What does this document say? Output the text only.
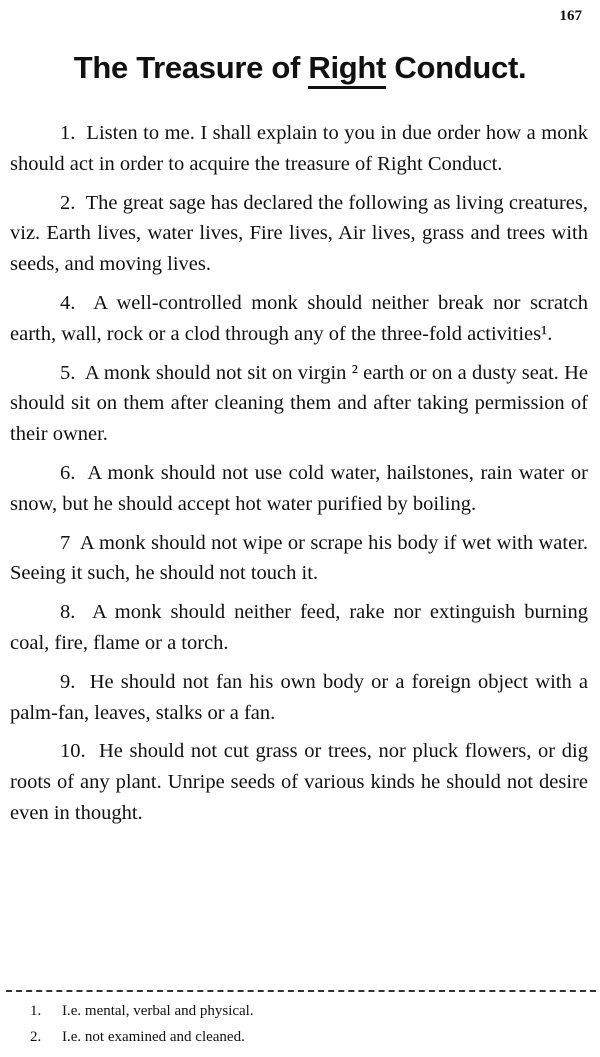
167
The Treasure of Right Conduct.

1. Listen to me. I shall explain to you in due order how a monk should act in order to acquire the treasure of Right Conduct.

2. The great sage has declared the following as living creatures, viz. Earth lives, water lives, Fire lives, Air lives, grass and trees with seeds, and moving lives.

4. A well-controlled monk should neither break nor scratch earth, wall, rock or a clod through any of the three-fold activities¹.

5. A monk should not sit on virgin ² earth or on a dusty seat. He should sit on them after cleaning them and after taking permission of their owner.

6. A monk should not use cold water, hailstones, rain water or snow, but he should accept hot water purified by boiling.

7 A monk should not wipe or scrape his body if wet with water. Seeing it such, he should not touch it.

8. A monk should neither feed, rake nor extinguish burning coal, fire, flame or a torch.

9. He should not fan his own body or a foreign object with a palm-fan, leaves, stalks or a fan.

10. He should not cut grass or trees, nor pluck flowers, or dig roots of any plant. Unripe seeds of various kinds he should not desire even in thought.

1. I.e. mental, verbal and physical.

2. I.e. not examined and cleaned.
